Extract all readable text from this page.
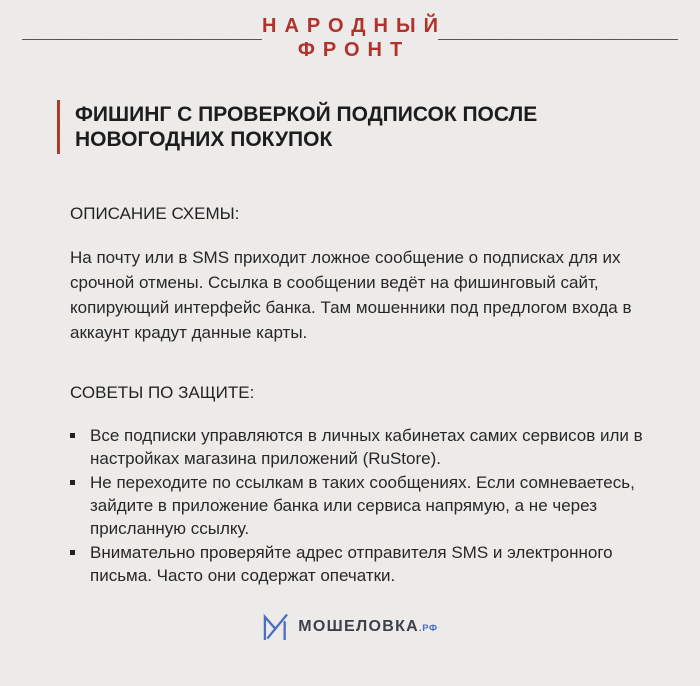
НАРОДНЫЙ
ФРОНТ
ФИШИНГ С ПРОВЕРКОЙ ПОДПИСОК ПОСЛЕ
НОВОГОДНИХ ПОКУПОК
ОПИСАНИЕ СХЕМЫ:

На почту или в SMS приходит ложное сообщение о подписках для их срочной отмены. Ссылка в сообщении ведёт на фишинговый сайт, копирующий интерфейс банка. Там мошенники под предлогом входа в аккаунт крадут данные карты.

СОВЕТЫ ПО ЗАЩИТЕ:
Все подписки управляются в личных кабинетах самих сервисов или в настройках магазина приложений (RuStore).
Не переходите по ссылкам в таких сообщениях. Если сомневаетесь, зайдите в приложение банка или сервиса напрямую, а не через присланную ссылку.
Внимательно проверяйте адрес отправителя SMS и электронного письма. Часто они содержат опечатки.
МОШЕЛОВКА .РФ
